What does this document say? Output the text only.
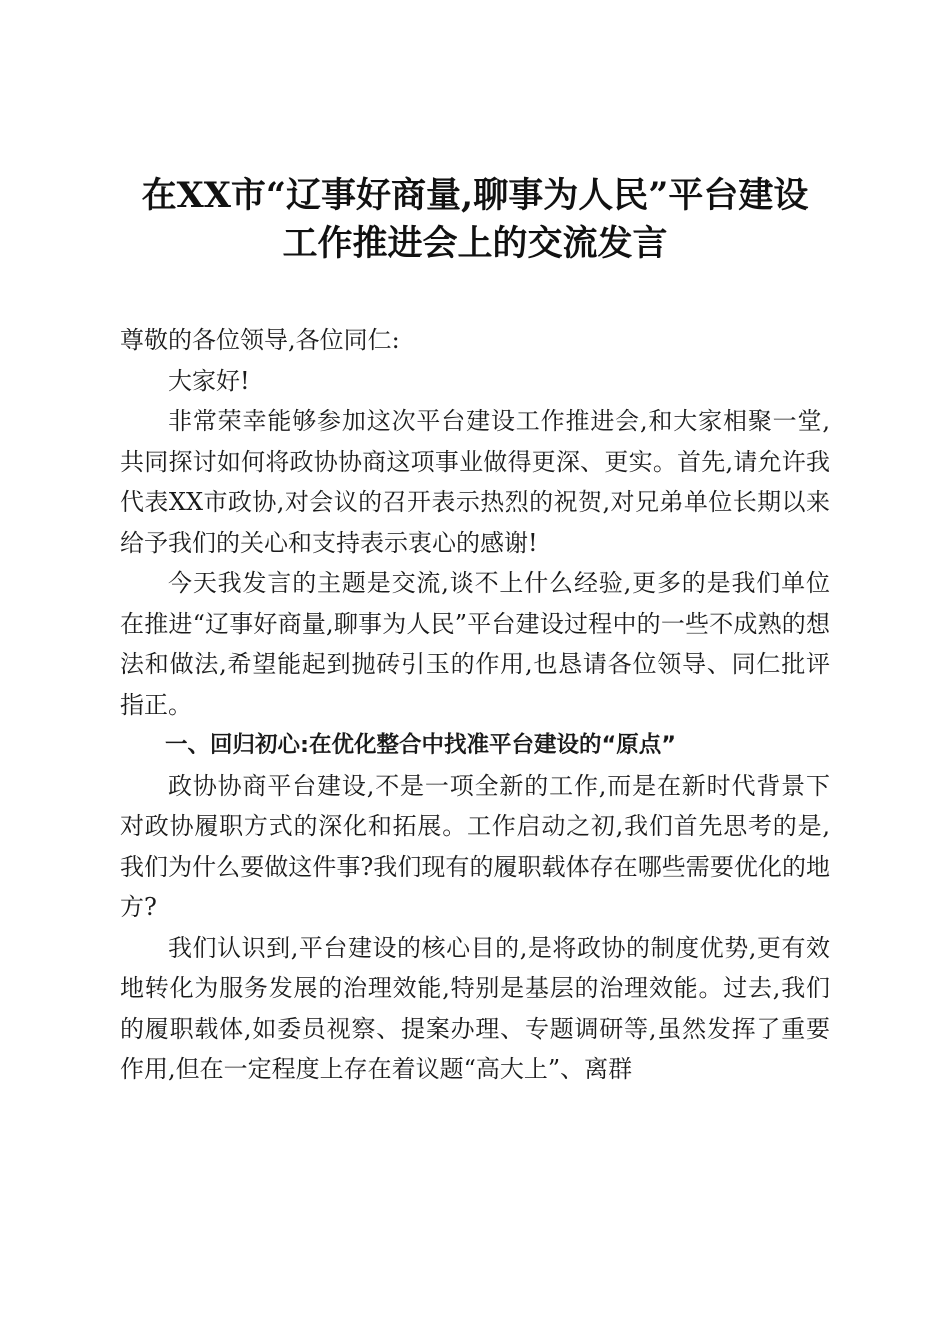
在XX市“辽事好商量,聊事为人民”平台建设
工作推进会上的交流发言

尊敬的各位领导,各位同仁:

大家好!

非常荣幸能够参加这次平台建设工作推进会,和大家相聚一堂,共同探讨如何将政协协商这项事业做得更深、更实。首先,请允许我代表XX市政协,对会议的召开表示热烈的祝贺,对兄弟单位长期以来给予我们的关心和支持表示衷心的感谢!

今天我发言的主题是交流,谈不上什么经验,更多的是我们单位在推进“辽事好商量,聊事为人民”平台建设过程中的一些不成熟的想法和做法,希望能起到抛砖引玉的作用,也恳请各位领导、同仁批评指正。

一、回归初心:在优化整合中找准平台建设的“原点”

政协协商平台建设,不是一项全新的工作,而是在新时代背景下对政协履职方式的深化和拓展。工作启动之初,我们首先思考的是,我们为什么要做这件事?我们现有的履职载体存在哪些需要优化的地方?

我们认识到,平台建设的核心目的,是将政协的制度优势,更有效地转化为服务发展的治理效能,特别是基层的治理效能。过去,我们的履职载体,如委员视察、提案办理、专题调研等,虽然发挥了重要作用,但在一定程度上存在着议题“高大上”、离群
